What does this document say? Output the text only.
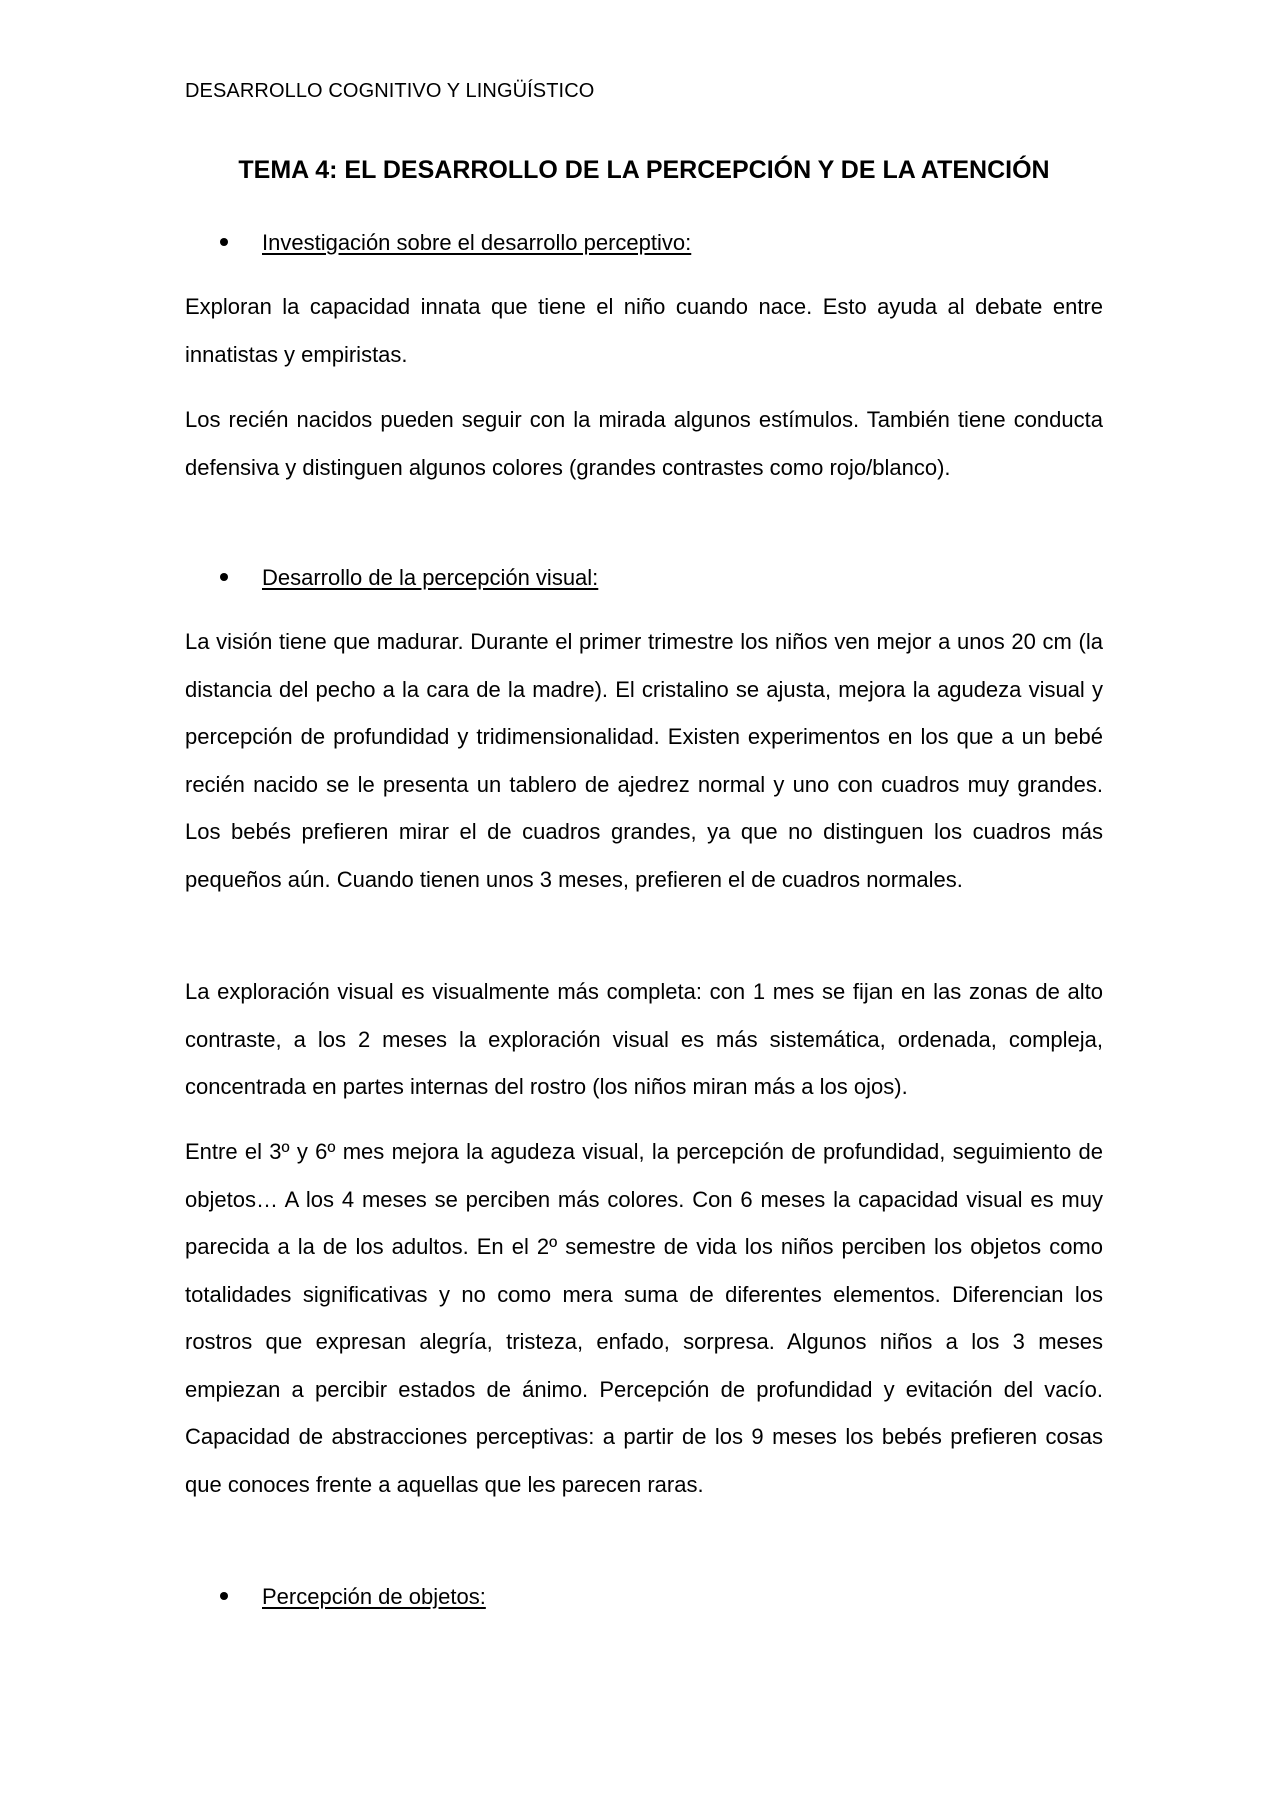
DESARROLLO COGNITIVO Y LINGÜÍSTICO
TEMA 4: EL DESARROLLO DE LA PERCEPCIÓN Y DE LA ATENCIÓN
Investigación sobre el desarrollo perceptivo:
Exploran la capacidad innata que tiene el niño cuando nace. Esto ayuda al debate entre innatistas y empiristas.
Los recién nacidos pueden seguir con la mirada algunos estímulos. También tiene conducta defensiva y distinguen algunos colores (grandes contrastes como rojo/blanco).
Desarrollo de la percepción visual:
La visión tiene que madurar. Durante el primer trimestre los niños ven mejor a unos 20 cm (la distancia del pecho a la cara de la madre). El cristalino se ajusta, mejora la agudeza visual y percepción de profundidad y tridimensionalidad. Existen experimentos en los que a un bebé recién nacido se le presenta un tablero de ajedrez normal y uno con cuadros muy grandes. Los bebés prefieren mirar el de cuadros grandes, ya que no distinguen los cuadros más pequeños aún. Cuando tienen unos 3 meses, prefieren el de cuadros normales.
La exploración visual es visualmente más completa: con 1 mes se fijan en las zonas de alto contraste, a los 2 meses la exploración visual es más sistemática, ordenada, compleja, concentrada en partes internas del rostro (los niños miran más a los ojos).
Entre el 3º y 6º mes mejora la agudeza visual, la percepción de profundidad, seguimiento de objetos… A los 4 meses se perciben más colores. Con 6 meses la capacidad visual es muy parecida a la de los adultos. En el 2º semestre de vida los niños perciben los objetos como totalidades significativas y no como mera suma de diferentes elementos. Diferencian los rostros que expresan alegría, tristeza, enfado, sorpresa. Algunos niños a los 3 meses empiezan a percibir estados de ánimo. Percepción de profundidad y evitación del vacío. Capacidad de abstracciones perceptivas: a partir de los 9 meses los bebés prefieren cosas que conoces frente a aquellas que les parecen raras.
Percepción de objetos:
